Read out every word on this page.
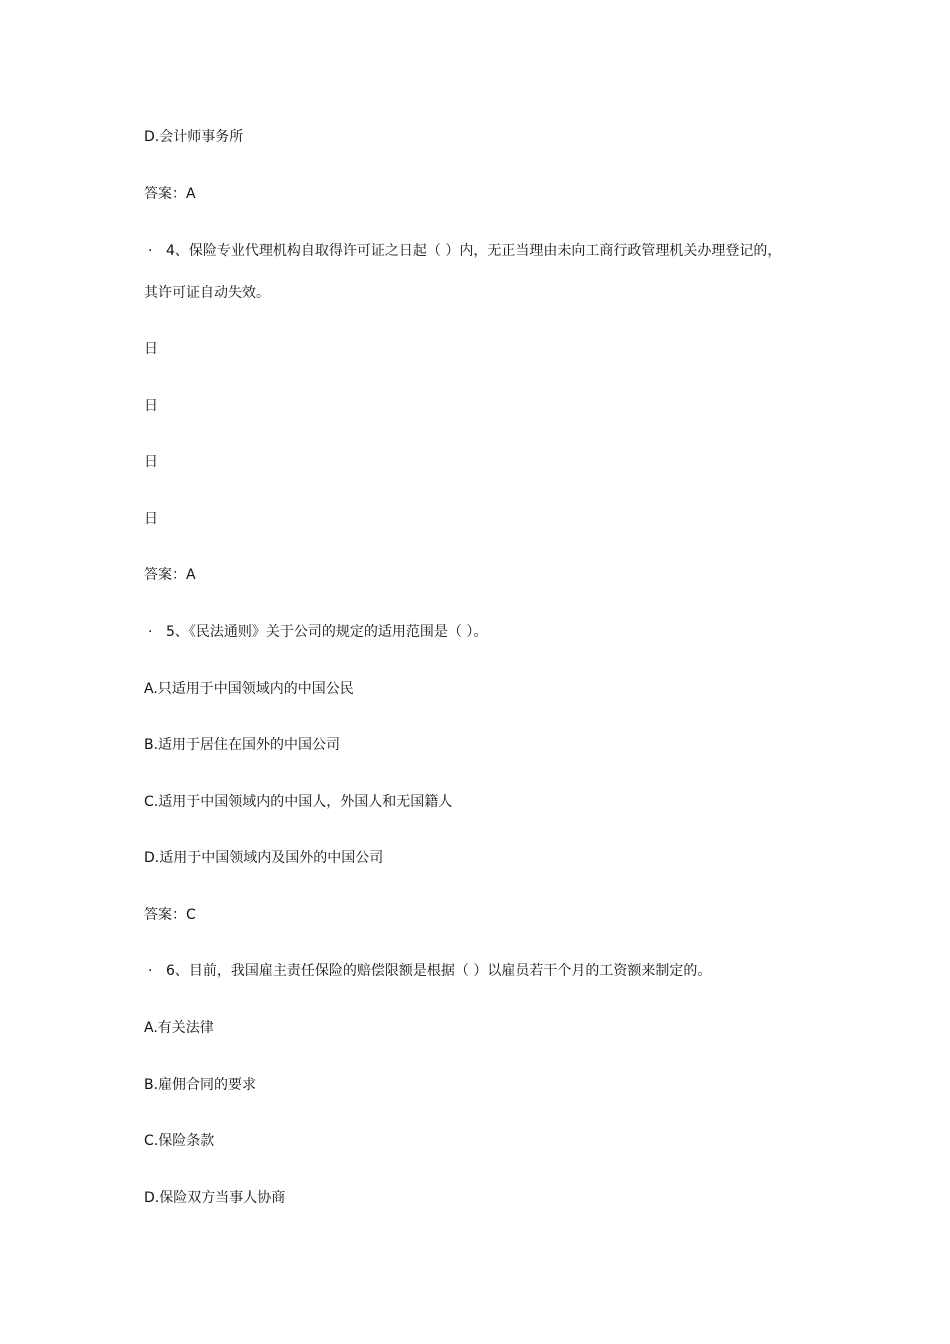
D.会计师事务所
答案：A
· 4、保险专业代理机构自取得许可证之日起（ ）内，无正当理由未向工商行政管理机关办理登记的，
其许可证自动失效。
日
日
日
日
答案：A
· 5、《民法通则》关于公司的规定的适用范围是（ ）。
A.只适用于中国领域内的中国公民
B.适用于居住在国外的中国公司
C.适用于中国领域内的中国人，外国人和无国籍人
D.适用于中国领域内及国外的中国公司
答案：C
· 6、目前，我国雇主责任保险的赔偿限额是根据（ ）以雇员若干个月的工资额来制定的。
A.有关法律
B.雇佣合同的要求
C.保险条款
D.保险双方当事人协商
